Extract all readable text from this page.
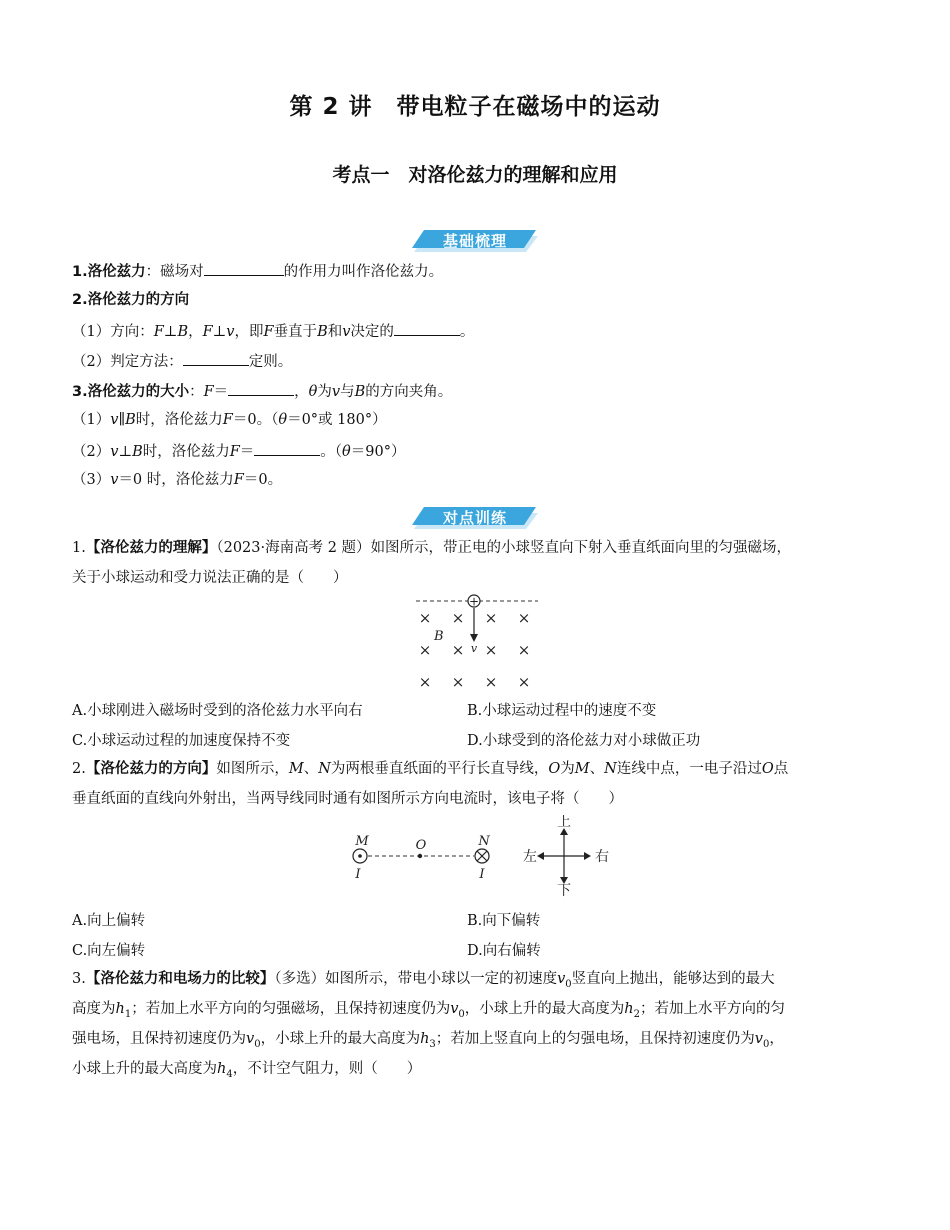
第 2 讲　带电粒子在磁场中的运动
考点一　对洛伦兹力的理解和应用
基础梳理
1.洛伦兹力：磁场对	的作用力叫作洛伦兹力。
2.洛伦兹力的方向
（1）方向：F⊥B，F⊥v，即F垂直于B和v决定的	。
（2）判定方法：	定则。
3.洛伦兹力的大小：F＝	，θ为v与B的方向夹角。
（1）v∥B时，洛伦兹力F＝0。（θ＝0°或 180°）
（2）v⊥B时，洛伦兹力F＝	。（θ＝90°）
（3）v＝0 时，洛伦兹力F＝0。
对点训练
1.【洛伦兹力的理解】（2023·海南高考 2 题）如图所示，带正电的小球竖直向下射入垂直纸面向里的匀强磁场，
关于小球运动和受力说法正确的是（　　）
+
v
B
× × × ×
× × × ×
× × × ×
A.小球刚进入磁场时受到的洛伦兹力水平向右	B.小球运动过程中的速度不变
C.小球运动过程的加速度保持不变	D.小球受到的洛伦兹力对小球做正功
2.【洛伦兹力的方向】如图所示，M、N为两根垂直纸面的平行长直导线，O为M、N连线中点，一电子沿过O点
垂直纸面的直线向外射出，当两导线同时通有如图所示方向电流时，该电子将（　　）
M
I
O	N
I
上
下
左	右
A.向上偏转	B.向下偏转
C.向左偏转	D.向右偏转
3.【洛伦兹力和电场力的比较】（多选）如图所示，带电小球以一定的初速度$v_0$竖直向上抛出，能够达到的最大
高度为$h_1$；若加上水平方向的匀强磁场，且保持初速度仍为$v_0$，小球上升的最大高度为$h_2$；若加上水平方向的匀
强电场，且保持初速度仍为$v_0$，小球上升的最大高度为$h_3$；若加上竖直向上的匀强电场，且保持初速度仍为$v_0$，
小球上升的最大高度为$h_4$，不计空气阻力，则（　　）
